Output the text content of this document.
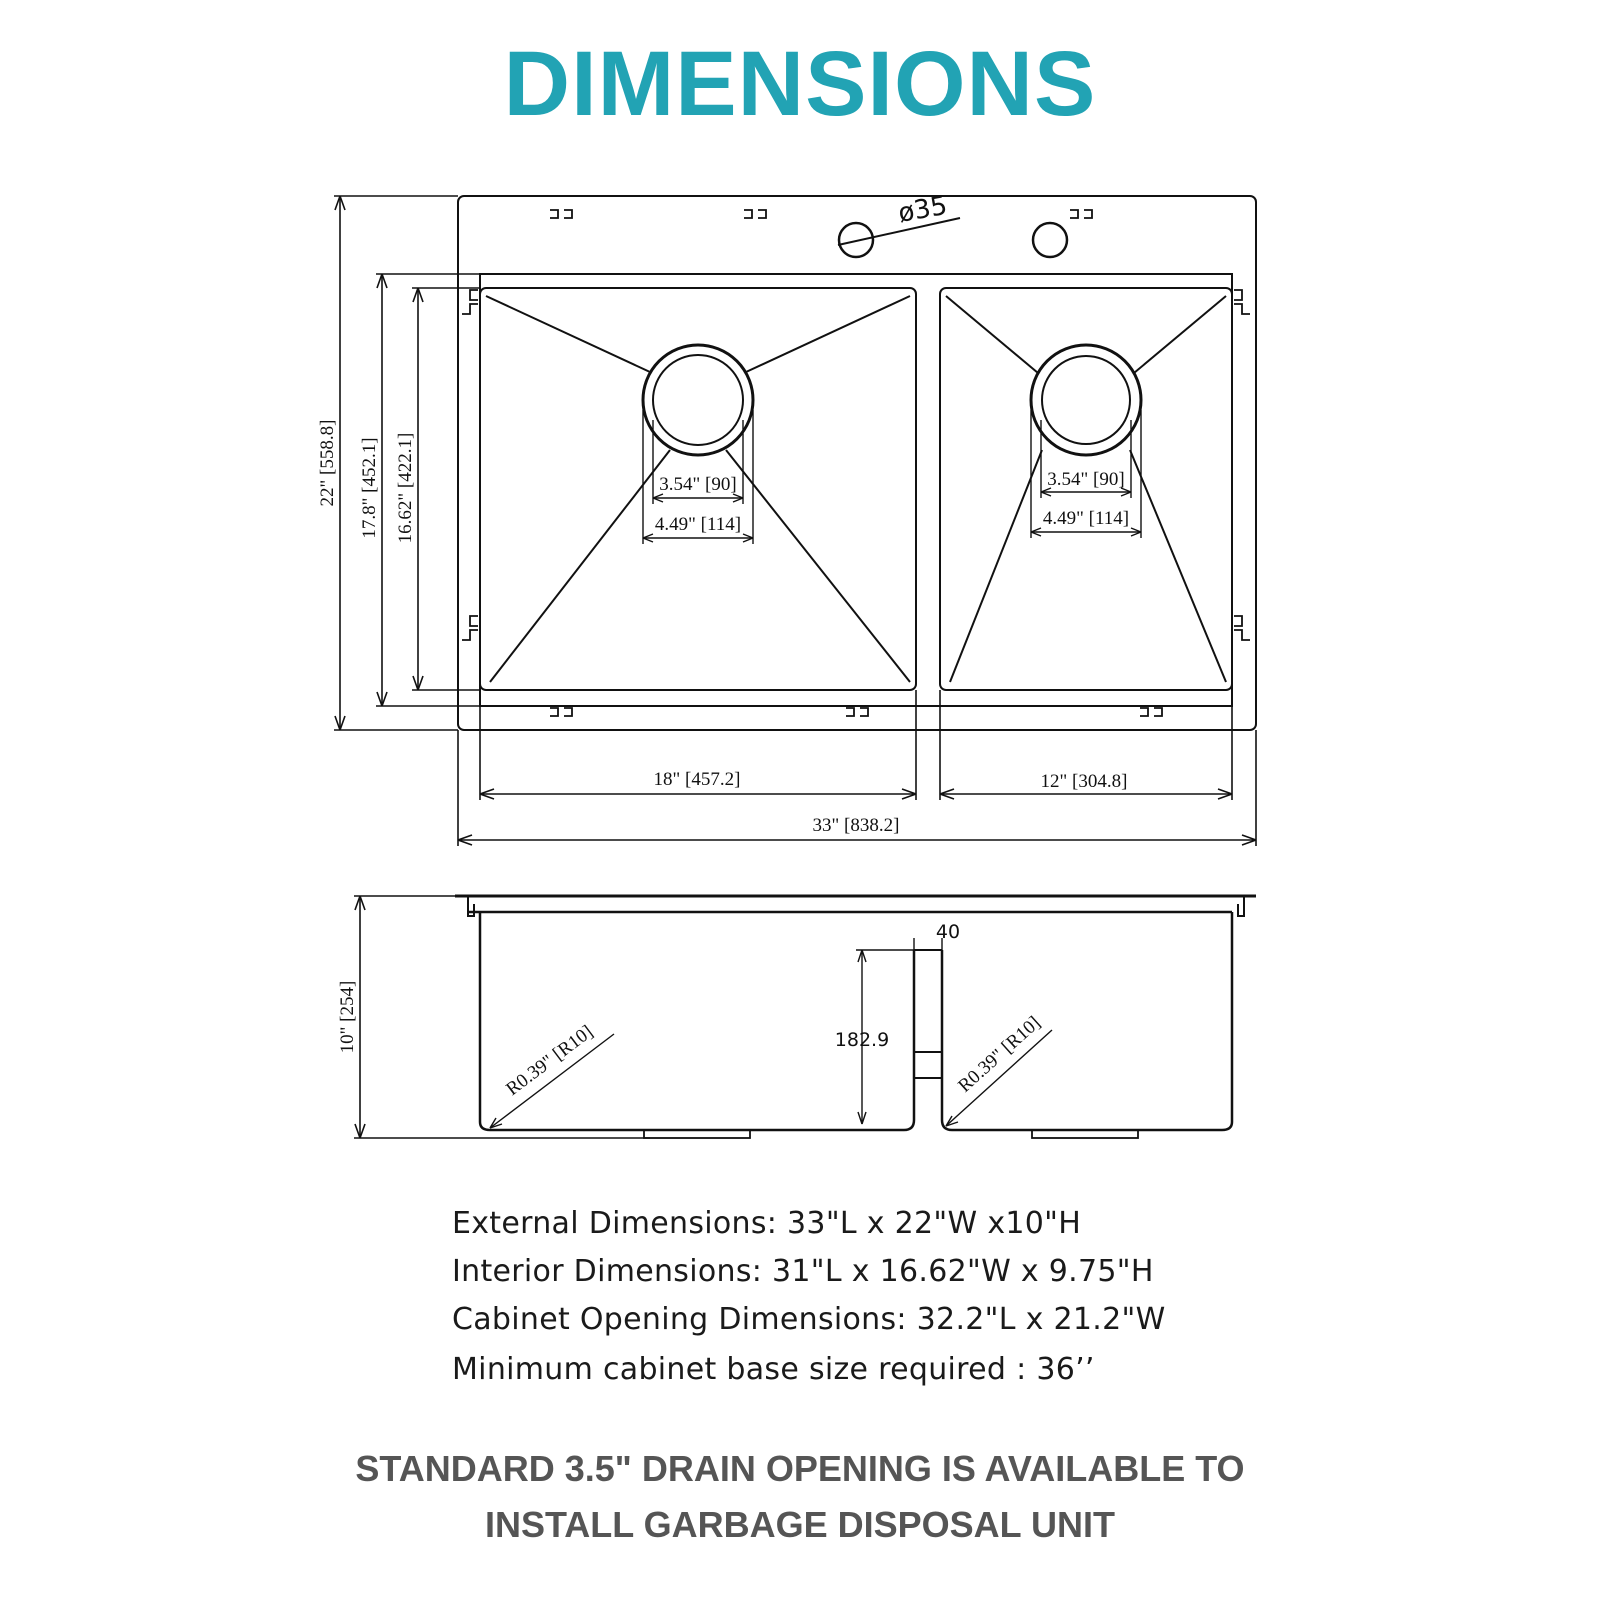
DIMENSIONS
ø35
22" [558.8] 17.8" [452.1] 16.62" [422.1]
18" [457.2]	12" [304.8]
33" [838.2]
3.54" [90]
4.49" [114]
3.54" [90]
4.49" [114]
10" [254]
40
182.9
R0.39" [R10]	R0.39" [R10]
External Dimensions: 33"L x 22"W x10"H
Interior Dimensions: 31"L x 16.62"W x 9.75"H
Cabinet Opening Dimensions: 32.2"L x 21.2"W
Minimum cabinet base size required : 36’’
STANDARD 3.5" DRAIN OPENING IS AVAILABLE TO
INSTALL GARBAGE DISPOSAL UNIT
